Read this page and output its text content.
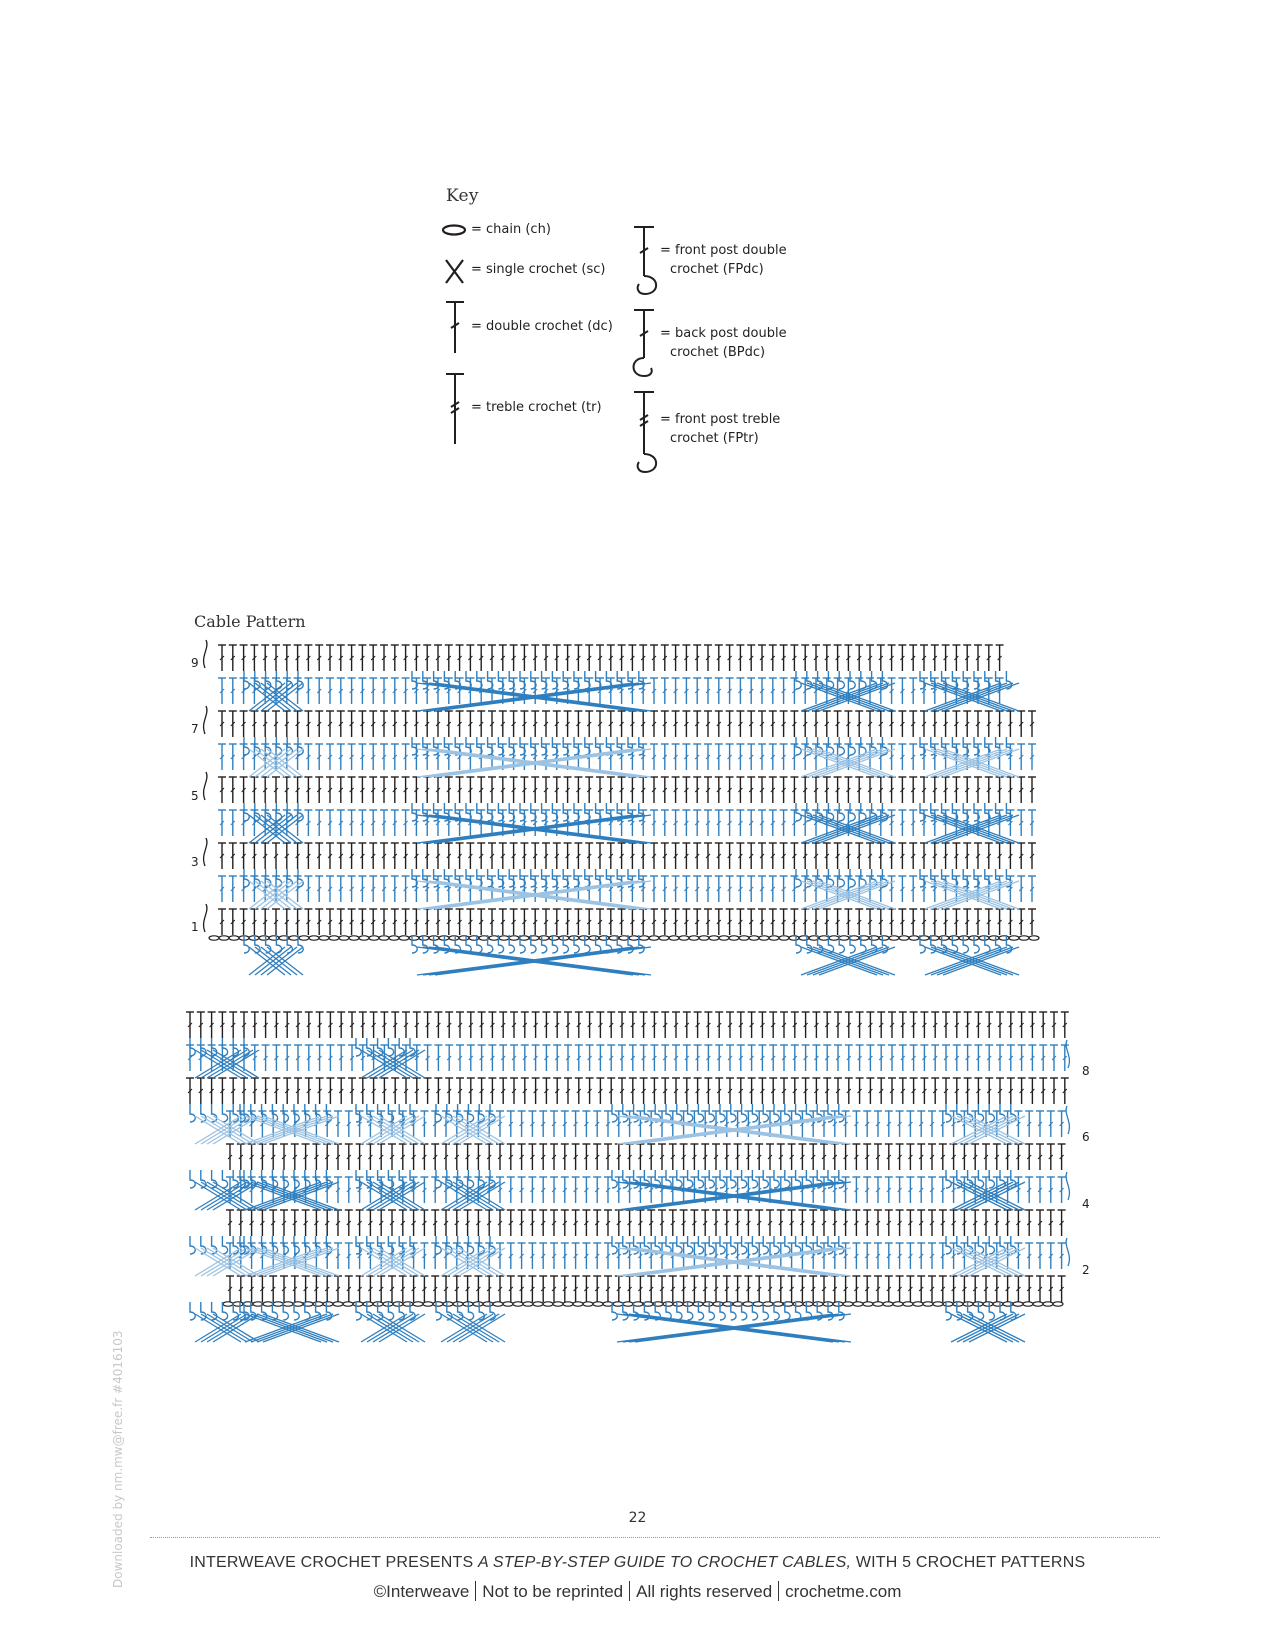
Key
= chain (ch)
= single crochet (sc)
= double crochet (dc)
= treble crochet (tr)
= front post double
crochet (FPdc)
= back post double
crochet (BPdc)
= front post treble
crochet (FPtr)
Cable Pattern
9
7
5
3
1
8
6
4
2
22
INTERWEAVE CROCHET PRESENTS A STEP-BY-STEP GUIDE TO CROCHET CABLES, WITH 5 CROCHET PATTERNS
©Interweave Not to be reprinted All rights reserved crochetme.com
Downloaded by nm.mw@free.fr #4016103
